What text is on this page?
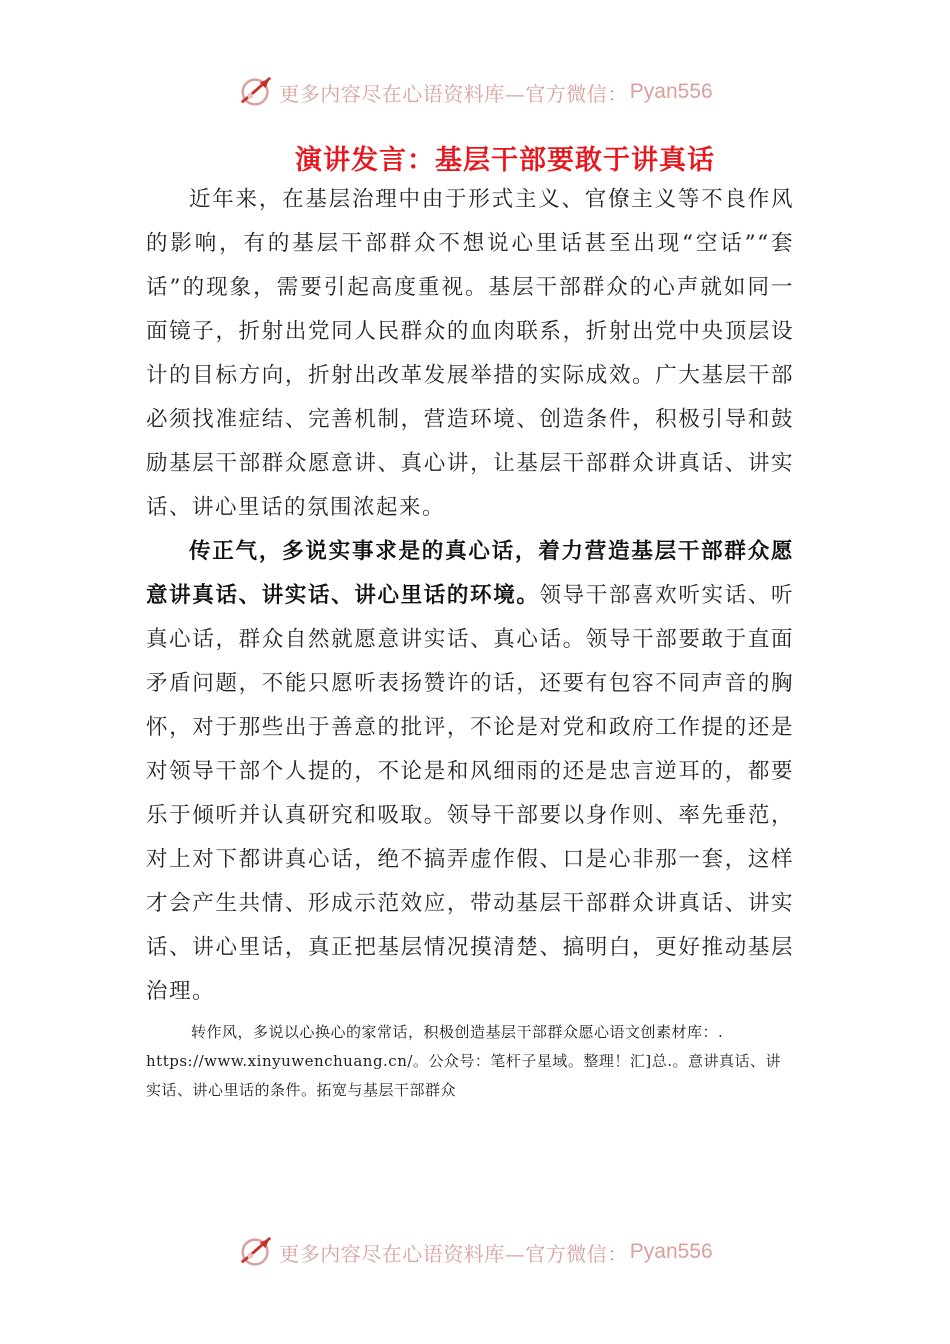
更多内容尽在心语资料库—官方微信： Pyan556
演讲发言：基层干部要敢于讲真话

近年来，在基层治理中由于形式主义、官僚主义等不良作风的影响，有的基层干部群众不想说心里话甚至出现“空话”“套话”的现象，需要引起高度重视。基层干部群众的心声就如同一面镜子，折射出党同人民群众的血肉联系，折射出党中央顶层设计的目标方向，折射出改革发展举措的实际成效。广大基层干部必须找准症结、完善机制，营造环境、创造条件，积极引导和鼓励基层干部群众愿意讲、真心讲，让基层干部群众讲真话、讲实话、讲心里话的氛围浓起来。

传正气，多说实事求是的真心话，着力营造基层干部群众愿意讲真话、讲实话、讲心里话的环境。领导干部喜欢听实话、听真心话，群众自然就愿意讲实话、真心话。领导干部要敢于直面矛盾问题，不能只愿听表扬赞许的话，还要有包容不同声音的胸怀，对于那些出于善意的批评，不论是对党和政府工作提的还是对领导干部个人提的，不论是和风细雨的还是忠言逆耳的，都要乐于倾听并认真研究和吸取。领导干部要以身作则、率先垂范，对上对下都讲真心话，绝不搞弄虚作假、口是心非那一套，这样才会产生共情、形成示范效应，带动基层干部群众讲真话、讲实话、讲心里话，真正把基层情况摸清楚、搞明白，更好推动基层治理。

转作风，多说以心换心的家常话，积极创造基层干部群众愿心语文创素材库：. https://www.xinyuwenchuang.cn/。公众号：笔杆子星域。整理！汇]总.。意讲真话、讲实话、讲心里话的条件。拓宽与基层干部群众

更多内容尽在心语资料库—官方微信： Pyan556
